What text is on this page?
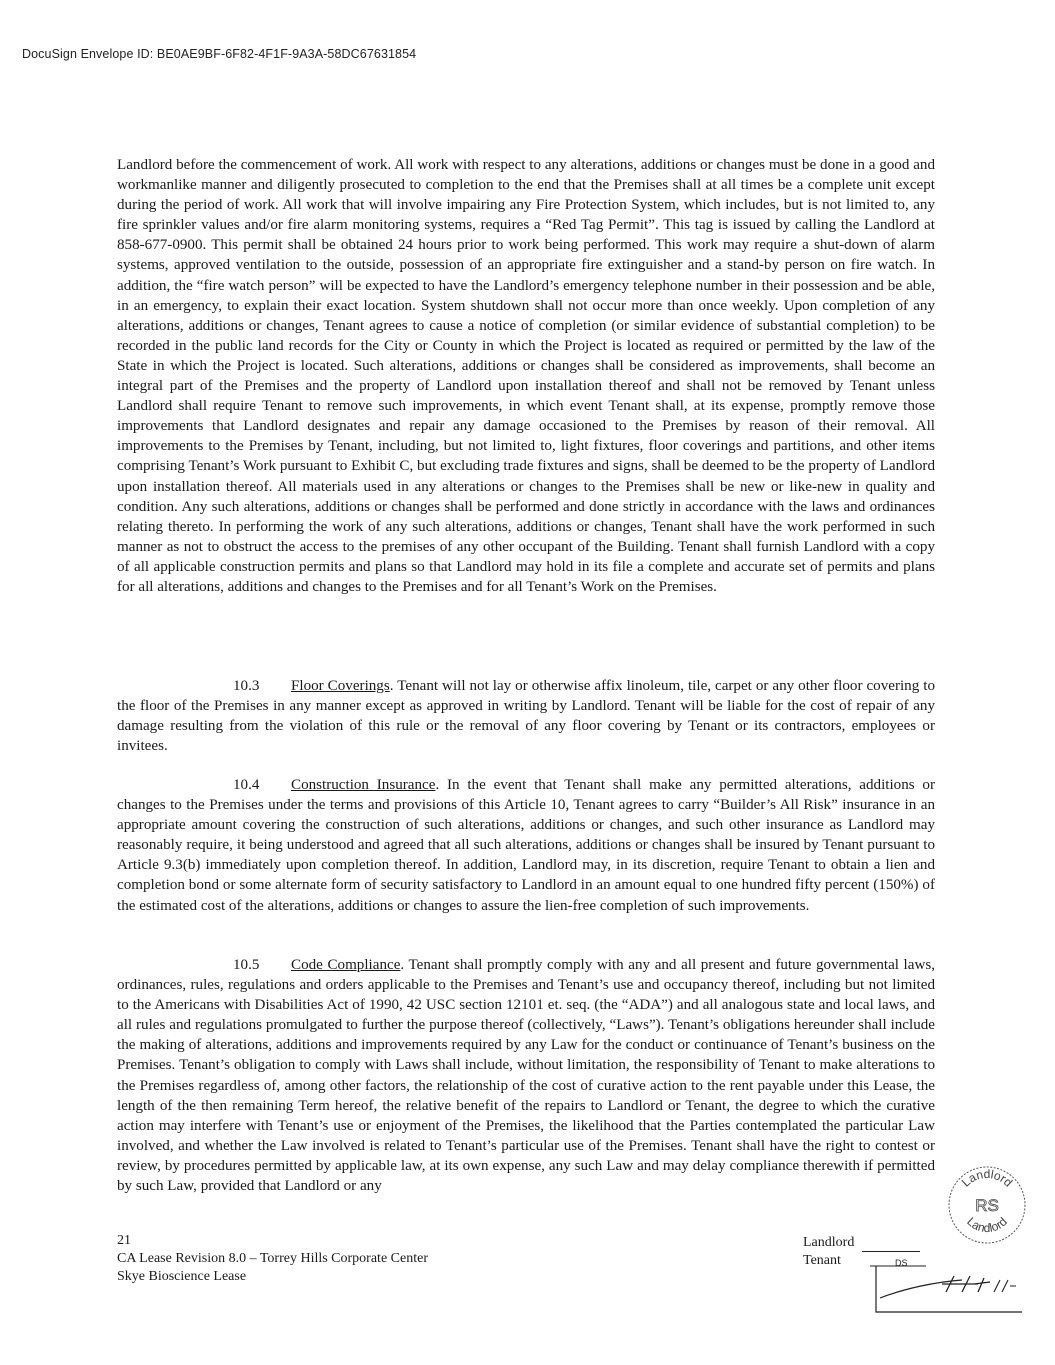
DocuSign Envelope ID: BE0AE9BF-6F82-4F1F-9A3A-58DC67631854

Landlord before the commencement of work. All work with respect to any alterations, additions or changes must be done in a good and workmanlike manner and diligently prosecuted to completion to the end that the Premises shall at all times be a complete unit except during the period of work. All work that will involve impairing any Fire Protection System, which includes, but is not limited to, any fire sprinkler values and/or fire alarm monitoring systems, requires a “Red Tag Permit”. This tag is issued by calling the Landlord at 858-677-0900. This permit shall be obtained 24 hours prior to work being performed. This work may require a shut-down of alarm systems, approved ventilation to the outside, possession of an appropriate fire extinguisher and a stand-by person on fire watch. In addition, the “fire watch person” will be expected to have the Landlord’s emergency telephone number in their possession and be able, in an emergency, to explain their exact location. System shutdown shall not occur more than once weekly. Upon completion of any alterations, additions or changes, Tenant agrees to cause a notice of completion (or similar evidence of substantial completion) to be recorded in the public land records for the City or County in which the Project is located as required or permitted by the law of the State in which the Project is located. Such alterations, additions or changes shall be considered as improvements, shall become an integral part of the Premises and the property of Landlord upon installation thereof and shall not be removed by Tenant unless Landlord shall require Tenant to remove such improvements, in which event Tenant shall, at its expense, promptly remove those improvements that Landlord designates and repair any damage occasioned to the Premises by reason of their removal. All improvements to the Premises by Tenant, including, but not limited to, light fixtures, floor coverings and partitions, and other items comprising Tenant’s Work pursuant to Exhibit C, but excluding trade fixtures and signs, shall be deemed to be the property of Landlord upon installation thereof. All materials used in any alterations or changes to the Premises shall be new or like-new in quality and condition. Any such alterations, additions or changes shall be performed and done strictly in accordance with the laws and ordinances relating thereto. In performing the work of any such alterations, additions or changes, Tenant shall have the work performed in such manner as not to obstruct the access to the premises of any other occupant of the Building. Tenant shall furnish Landlord with a copy of all applicable construction permits and plans so that Landlord may hold in its file a complete and accurate set of permits and plans for all alterations, additions and changes to the Premises and for all Tenant’s Work on the Premises.

10.3 Floor Coverings. Tenant will not lay or otherwise affix linoleum, tile, carpet or any other floor covering to the floor of the Premises in any manner except as approved in writing by Landlord. Tenant will be liable for the cost of repair of any damage resulting from the violation of this rule or the removal of any floor covering by Tenant or its contractors, employees or invitees.

10.4 Construction Insurance. In the event that Tenant shall make any permitted alterations, additions or changes to the Premises under the terms and provisions of this Article 10, Tenant agrees to carry “Builder’s All Risk” insurance in an appropriate amount covering the construction of such alterations, additions or changes, and such other insurance as Landlord may reasonably require, it being understood and agreed that all such alterations, additions or changes shall be insured by Tenant pursuant to Article 9.3(b) immediately upon completion thereof. In addition, Landlord may, in its discretion, require Tenant to obtain a lien and completion bond or some alternate form of security satisfactory to Landlord in an amount equal to one hundred fifty percent (150%) of the estimated cost of the alterations, additions or changes to assure the lien-free completion of such improvements.

10.5 Code Compliance. Tenant shall promptly comply with any and all present and future governmental laws, ordinances, rules, regulations and orders applicable to the Premises and Tenant’s use and occupancy thereof, including but not limited to the Americans with Disabilities Act of 1990, 42 USC section 12101 et. seq. (the “ADA”) and all analogous state and local laws, and all rules and regulations promulgated to further the purpose thereof (collectively, “Laws”). Tenant’s obligations hereunder shall include the making of alterations, additions and improvements required by any Law for the conduct or continuance of Tenant’s business on the Premises. Tenant’s obligation to comply with Laws shall include, without limitation, the responsibility of Tenant to make alterations to the Premises regardless of, among other factors, the relationship of the cost of curative action to the rent payable under this Lease, the length of the then remaining Term hereof, the relative benefit of the repairs to Landlord or Tenant, the degree to which the curative action may interfere with Tenant’s use or enjoyment of the Premises, the likelihood that the Parties contemplated the particular Law involved, and whether the Law involved is related to Tenant’s particular use of the Premises. Tenant shall have the right to contest or review, by procedures permitted by applicable law, at its own expense, any such Law and may delay compliance therewith if permitted by such Law, provided that Landlord or any

21
CA Lease Revision 8.0 – Torrey Hills Corporate Center
Skye Bioscience Lease
Landlord
Tenant	DS
Landlord
RS
Landlord
